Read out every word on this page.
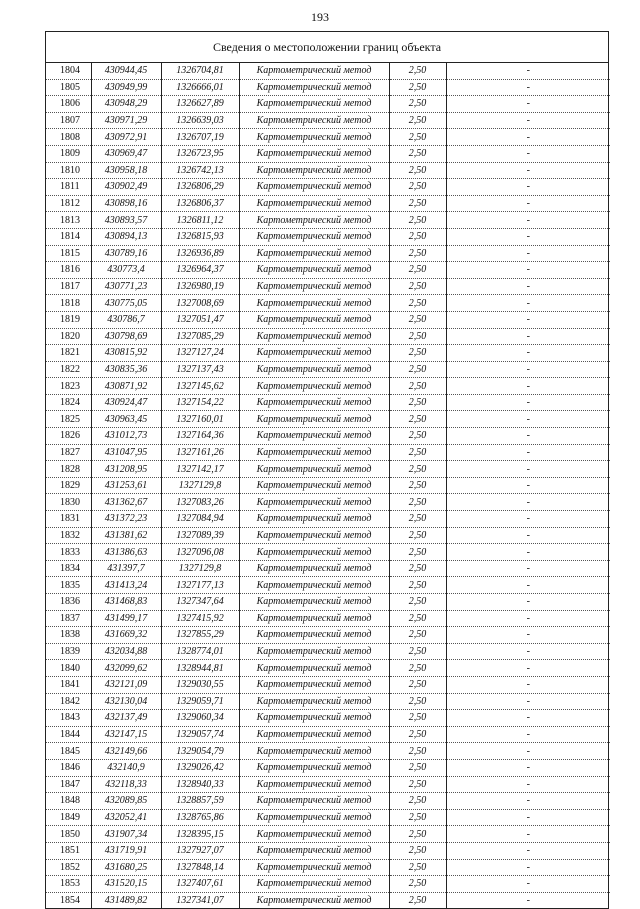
193
Сведения о местоположении границ объекта
1804	430944,45	1326704,81	Картометрический метод	2,50	-
1805	430949,99	1326666,01	Картометрический метод	2,50	-
1806	430948,29	1326627,89	Картометрический метод	2,50	-
1807	430971,29	1326639,03	Картометрический метод	2,50	-
1808	430972,91	1326707,19	Картометрический метод	2,50	-
1809	430969,47	1326723,95	Картометрический метод	2,50	-
1810	430958,18	1326742,13	Картометрический метод	2,50	-
1811	430902,49	1326806,29	Картометрический метод	2,50	-
1812	430898,16	1326806,37	Картометрический метод	2,50	-
1813	430893,57	1326811,12	Картометрический метод	2,50	-
1814	430894,13	1326815,93	Картометрический метод	2,50	-
1815	430789,16	1326936,89	Картометрический метод	2,50	-
1816	430773,4	1326964,37	Картометрический метод	2,50	-
1817	430771,23	1326980,19	Картометрический метод	2,50	-
1818	430775,05	1327008,69	Картометрический метод	2,50	-
1819	430786,7	1327051,47	Картометрический метод	2,50	-
1820	430798,69	1327085,29	Картометрический метод	2,50	-
1821	430815,92	1327127,24	Картометрический метод	2,50	-
1822	430835,36	1327137,43	Картометрический метод	2,50	-
1823	430871,92	1327145,62	Картометрический метод	2,50	-
1824	430924,47	1327154,22	Картометрический метод	2,50	-
1825	430963,45	1327160,01	Картометрический метод	2,50	-
1826	431012,73	1327164,36	Картометрический метод	2,50	-
1827	431047,95	1327161,26	Картометрический метод	2,50	-
1828	431208,95	1327142,17	Картометрический метод	2,50	-
1829	431253,61	1327129,8	Картометрический метод	2,50	-
1830	431362,67	1327083,26	Картометрический метод	2,50	-
1831	431372,23	1327084,94	Картометрический метод	2,50	-
1832	431381,62	1327089,39	Картометрический метод	2,50	-
1833	431386,63	1327096,08	Картометрический метод	2,50	-
1834	431397,7	1327129,8	Картометрический метод	2,50	-
1835	431413,24	1327177,13	Картометрический метод	2,50	-
1836	431468,83	1327347,64	Картометрический метод	2,50	-
1837	431499,17	1327415,92	Картометрический метод	2,50	-
1838	431669,32	1327855,29	Картометрический метод	2,50	-
1839	432034,88	1328774,01	Картометрический метод	2,50	-
1840	432099,62	1328944,81	Картометрический метод	2,50	-
1841	432121,09	1329030,55	Картометрический метод	2,50	-
1842	432130,04	1329059,71	Картометрический метод	2,50	-
1843	432137,49	1329060,34	Картометрический метод	2,50	-
1844	432147,15	1329057,74	Картометрический метод	2,50	-
1845	432149,66	1329054,79	Картометрический метод	2,50	-
1846	432140,9	1329026,42	Картометрический метод	2,50	-
1847	432118,33	1328940,33	Картометрический метод	2,50	-
1848	432089,85	1328857,59	Картометрический метод	2,50	-
1849	432052,41	1328765,86	Картометрический метод	2,50	-
1850	431907,34	1328395,15	Картометрический метод	2,50	-
1851	431719,91	1327927,07	Картометрический метод	2,50	-
1852	431680,25	1327848,14	Картометрический метод	2,50	-
1853	431520,15	1327407,61	Картометрический метод	2,50	-
1854	431489,82	1327341,07	Картометрический метод	2,50	-
